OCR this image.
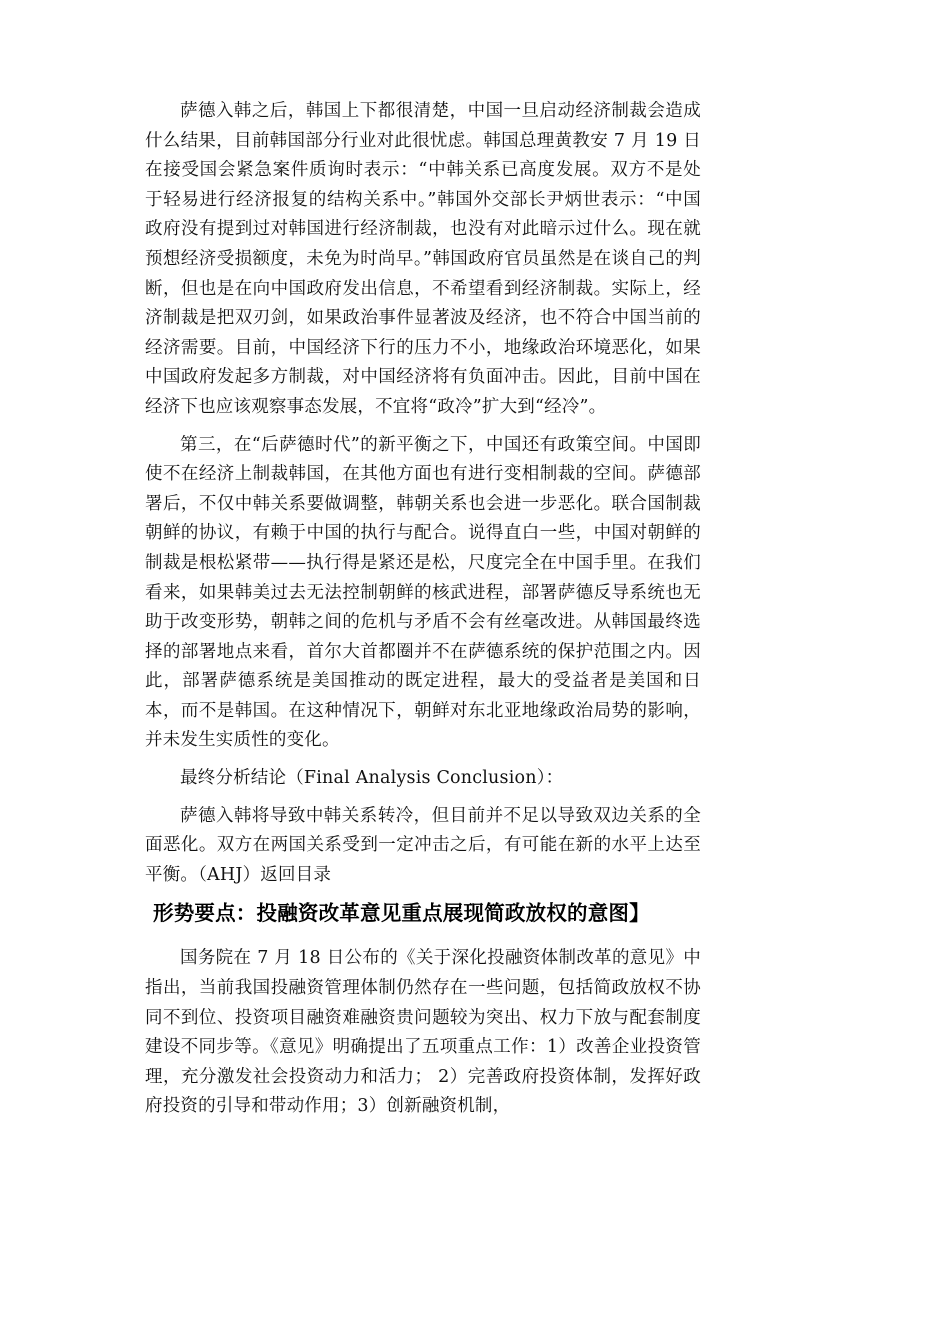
萨德入韩之后，韩国上下都很清楚，中国一旦启动经济制裁会造成什么结果，目前韩国部分行业对此很忧虑。韩国总理黄教安 7 月 19 日在接受国会紧急案件质询时表示：“中韩关系已高度发展。双方不是处于轻易进行经济报复的结构关系中。”韩国外交部长尹炳世表示：“中国政府没有提到过对韩国进行经济制裁，也没有对此暗示过什么。现在就预想经济受损额度，未免为时尚早。”韩国政府官员虽然是在谈自己的判断，但也是在向中国政府发出信息，不希望看到经济制裁。实际上，经济制裁是把双刃剑，如果政治事件显著波及经济，也不符合中国当前的经济需要。目前，中国经济下行的压力不小，地缘政治环境恶化，如果中国政府发起多方制裁，对中国经济将有负面冲击。因此，目前中国在经济下也应该观察事态发展，不宜将“政冷”扩大到“经冷”。

第三，在“后萨德时代”的新平衡之下，中国还有政策空间。中国即使不在经济上制裁韩国，在其他方面也有进行变相制裁的空间。萨德部署后，不仅中韩关系要做调整，韩朝关系也会进一步恶化。联合国制裁朝鲜的协议，有赖于中国的执行与配合。说得直白一些，中国对朝鲜的制裁是根松紧带——执行得是紧还是松，尺度完全在中国手里。在我们看来，如果韩美过去无法控制朝鲜的核武进程，部署萨德反导系统也无助于改变形势，朝韩之间的危机与矛盾不会有丝毫改进。从韩国最终选择的部署地点来看，首尔大首都圈并不在萨德系统的保护范围之内。因此，部署萨德系统是美国推动的既定进程，最大的受益者是美国和日本，而不是韩国。在这种情况下，朝鲜对东北亚地缘政治局势的影响，并未发生实质性的变化。

最终分析结论（Final Analysis Conclusion）：

萨德入韩将导致中韩关系转冷，但目前并不足以导致双边关系的全面恶化。双方在两国关系受到一定冲击之后，有可能在新的水平上达至平衡。（AHJ）返回目录

形势要点：投融资改革意见重点展现简政放权的意图】

国务院在 7 月 18 日公布的《关于深化投融资体制改革的意见》中指出，当前我国投融资管理体制仍然存在一些问题，包括简政放权不协同不到位、投资项目融资难融资贵问题较为突出、权力下放与配套制度建设不同步等。《意见》明确提出了五项重点工作：1）改善企业投资管理，充分激发社会投资动力和活力； 2）完善政府投资体制，发挥好政府投资的引导和带动作用；3）创新融资机制，
